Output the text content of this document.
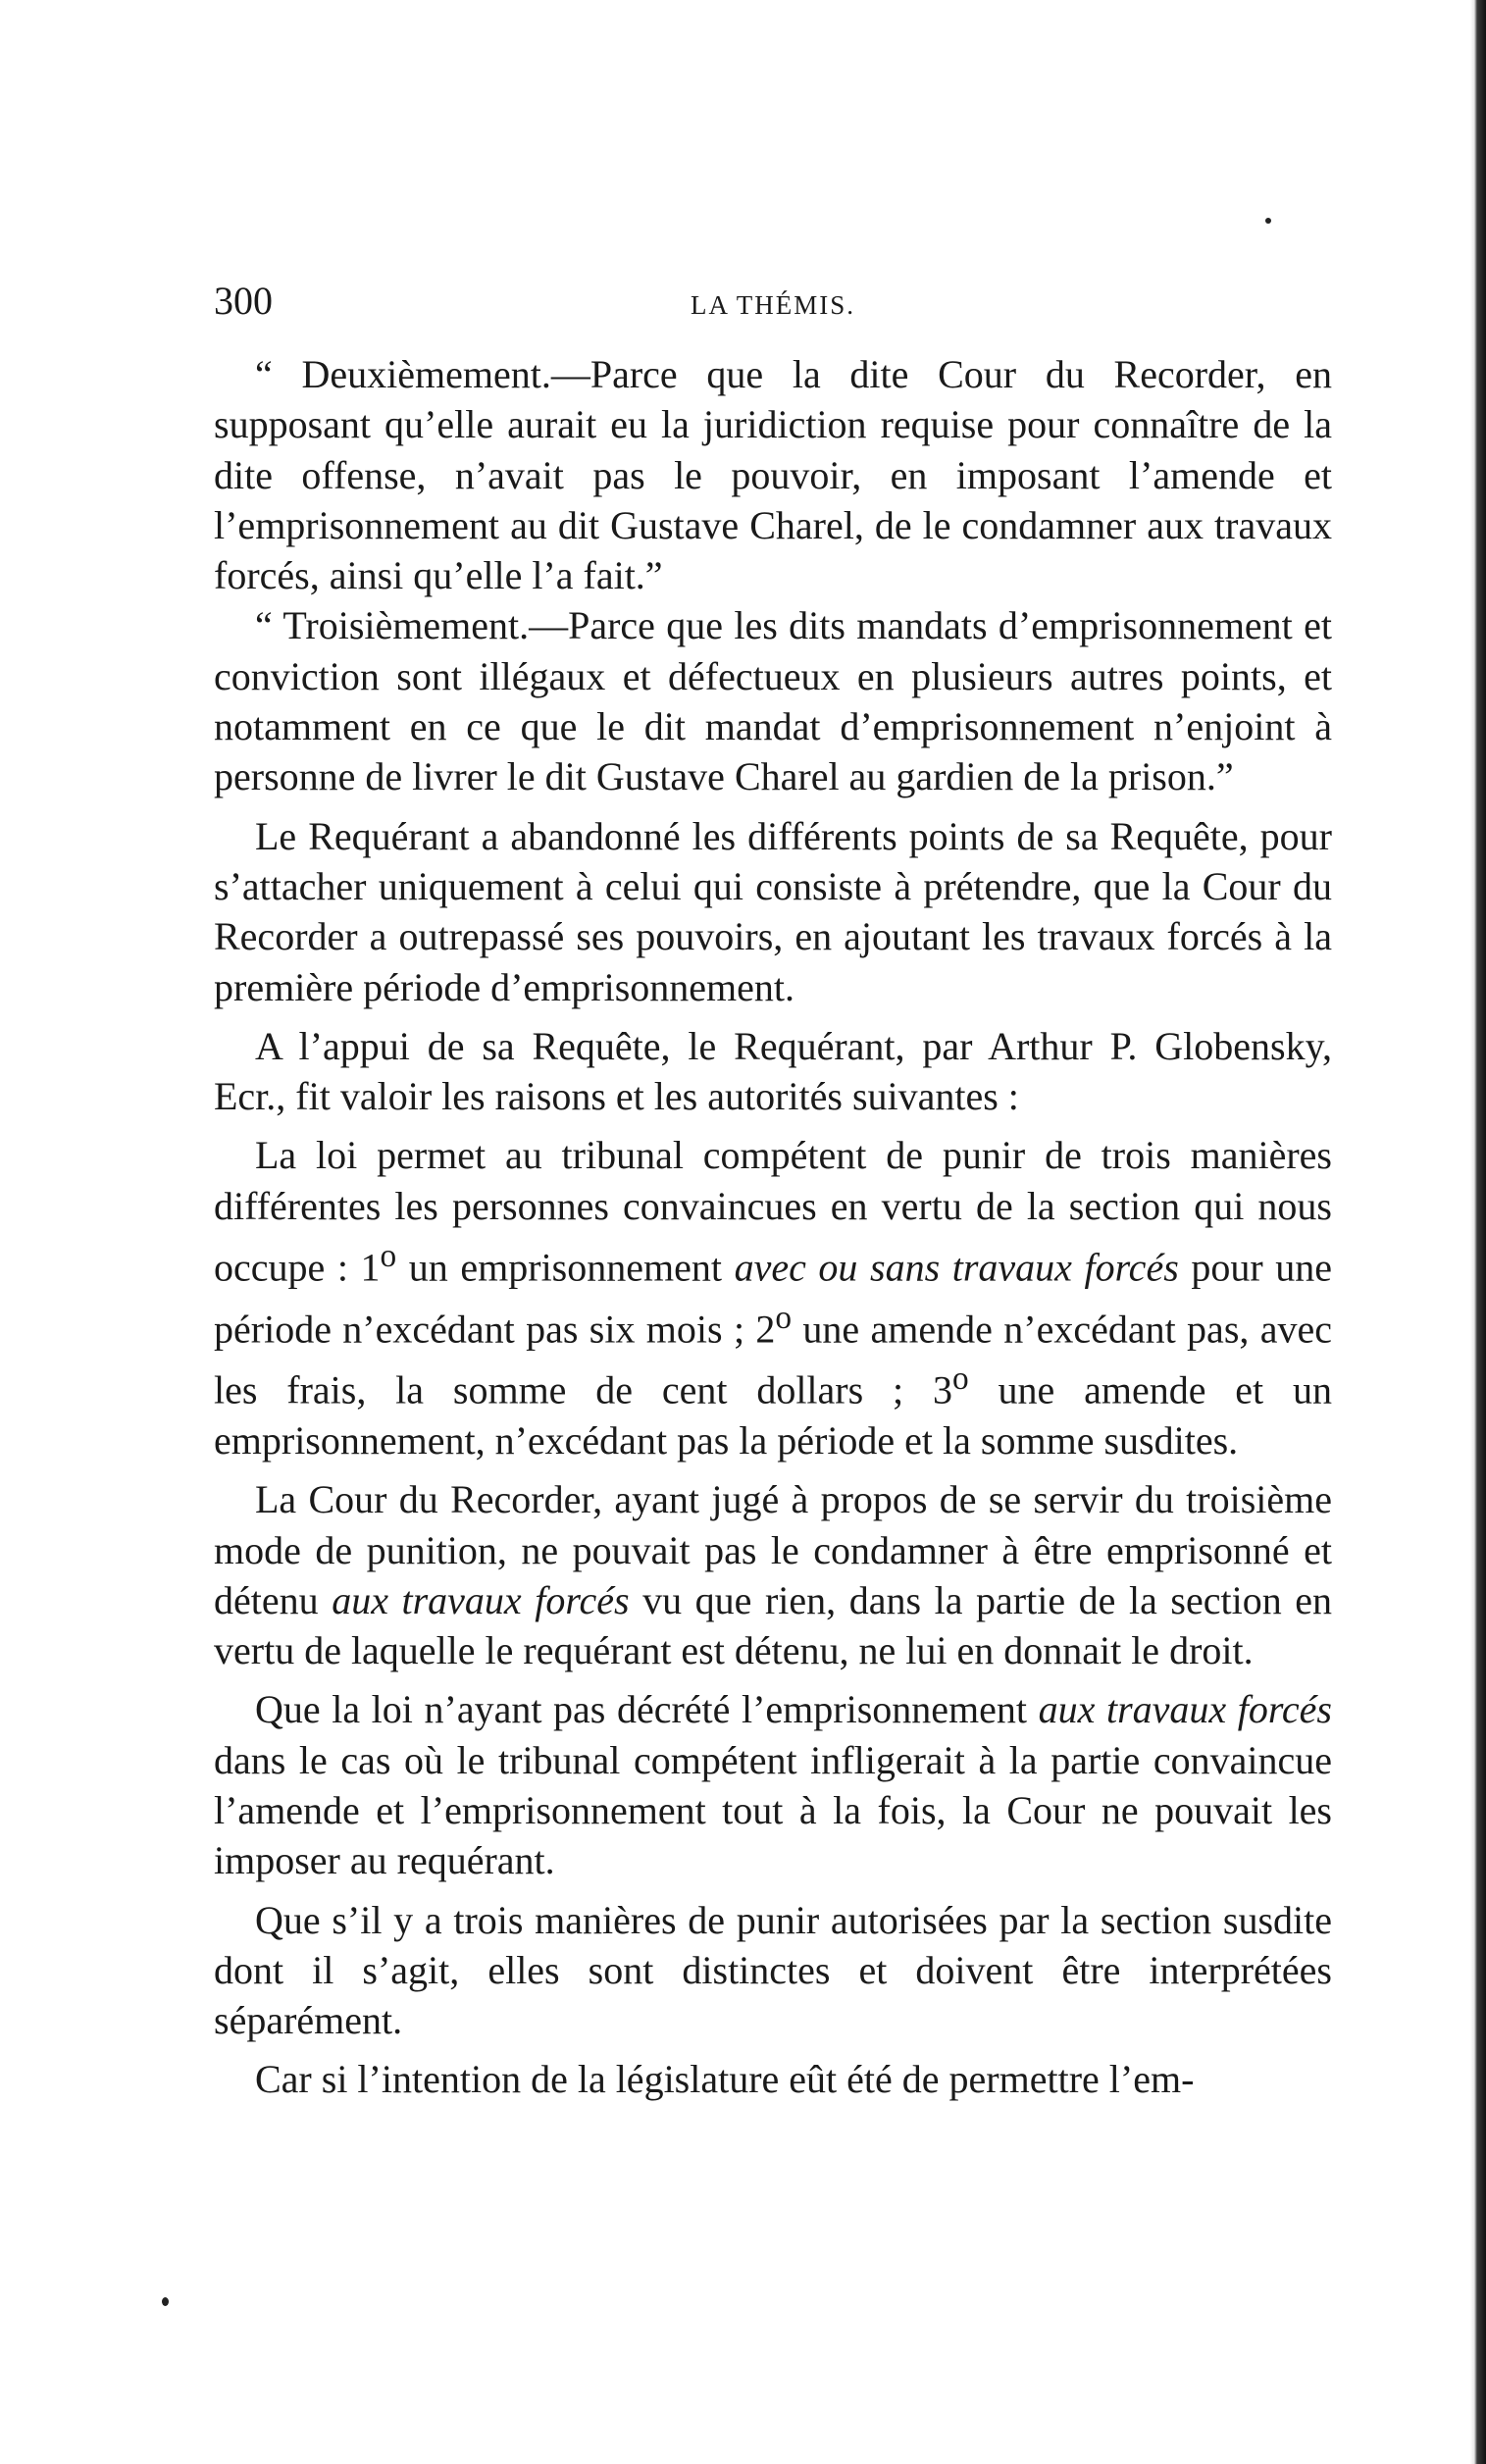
300	LA THÉMIS.

“ Deuxièmement.—Parce que la dite Cour du Recorder, en supposant qu’elle aurait eu la juridiction requise pour connaître de la dite offense, n’avait pas le pouvoir, en imposant l’amende et l’emprisonnement au dit Gustave Charel, de le condamner aux travaux forcés, ainsi qu’elle l’a fait.”

“ Troisièmement.—Parce que les dits mandats d’emprisonnement et conviction sont illégaux et défectueux en plusieurs autres points, et notamment en ce que le dit mandat d’emprisonnement n’enjoint à personne de livrer le dit Gustave Charel au gardien de la prison.”

Le Requérant a abandonné les différents points de sa Requête, pour s’attacher uniquement à celui qui consiste à prétendre, que la Cour du Recorder a outrepassé ses pouvoirs, en ajoutant les travaux forcés à la première période d’emprisonnement.

A l’appui de sa Requête, le Requérant, par Arthur P. Globensky, Ecr., fit valoir les raisons et les autorités suivantes :

La loi permet au tribunal compétent de punir de trois manières différentes les personnes convaincues en vertu de la section qui nous occupe : 1$^o$ un emprisonnement avec ou sans travaux forcés pour une période n’excédant pas six mois ; 2$^o$ une amende n’excédant pas, avec les frais, la somme de cent dollars ; 3$^o$ une amende et un emprisonnement, n’excédant pas la période et la somme susdites.

La Cour du Recorder, ayant jugé à propos de se servir du troisième mode de punition, ne pouvait pas le condamner à être emprisonné et détenu aux travaux forcés vu que rien, dans la partie de la section en vertu de laquelle le requérant est détenu, ne lui en donnait le droit.

Que la loi n’ayant pas décrété l’emprisonnement aux travaux forcés dans le cas où le tribunal compétent infligerait à la partie convaincue l’amende et l’emprisonnement tout à la fois, la Cour ne pouvait les imposer au requérant.

Que s’il y a trois manières de punir autorisées par la section susdite dont il s’agit, elles sont distinctes et doivent être interprétées séparément.

Car si l’intention de la législature eût été de permettre l’em-
